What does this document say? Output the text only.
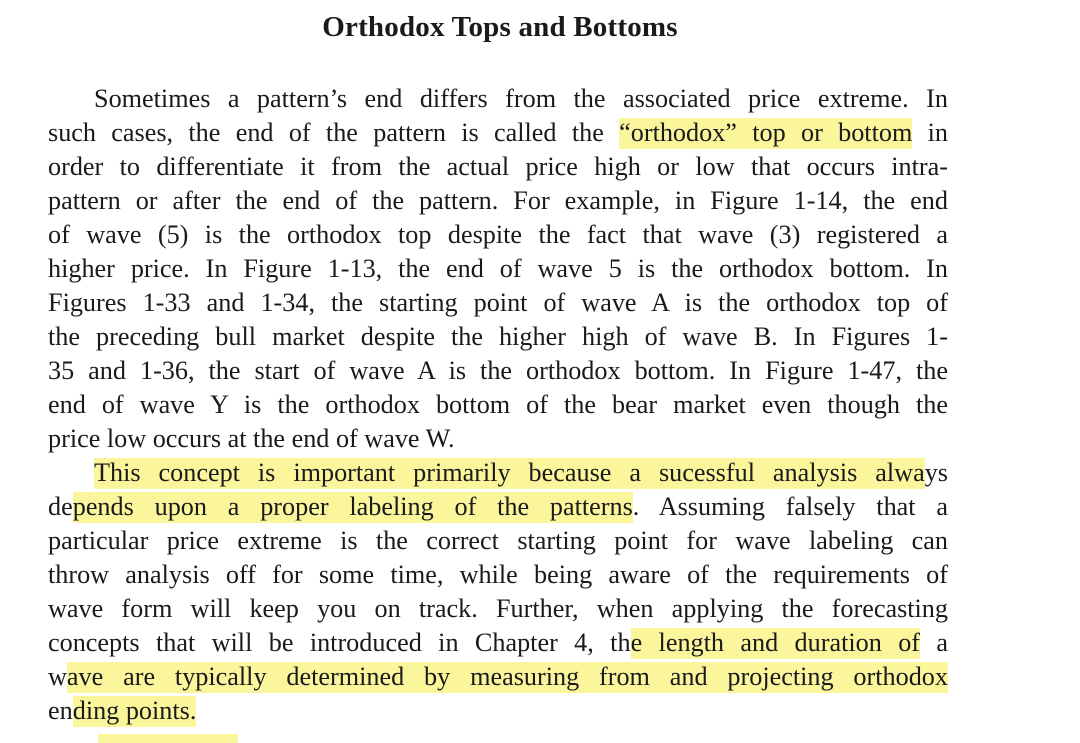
Orthodox Tops and Bottoms
Sometimes a pattern’s end differs from the associated price extreme. In
such cases, the end of the pattern is called the “orthodox” top or bottom in
order to differentiate it from the actual price high or low that occurs intra-
pattern or after the end of the pattern. For example, in Figure 1-14, the end
of wave (5) is the orthodox top despite the fact that wave (3) registered a
higher price. In Figure 1-13, the end of wave 5 is the orthodox bottom. In
Figures 1-33 and 1-34, the starting point of wave A is the orthodox top of
the preceding bull market despite the higher high of wave B. In Figures 1-
35 and 1-36, the start of wave A is the orthodox bottom. In Figure 1-47, the
end of wave Y is the orthodox bottom of the bear market even though the
price low occurs at the end of wave W.
This concept is important primarily because a sucessful analysis always
depends upon a proper labeling of the patterns. Assuming falsely that a
particular price extreme is the correct starting point for wave labeling can
throw analysis off for some time, while being aware of the requirements of
wave form will keep you on track. Further, when applying the forecasting
concepts that will be introduced in Chapter 4, the length and duration of a
wave are typically determined by measuring from and projecting orthodox
ending points.
